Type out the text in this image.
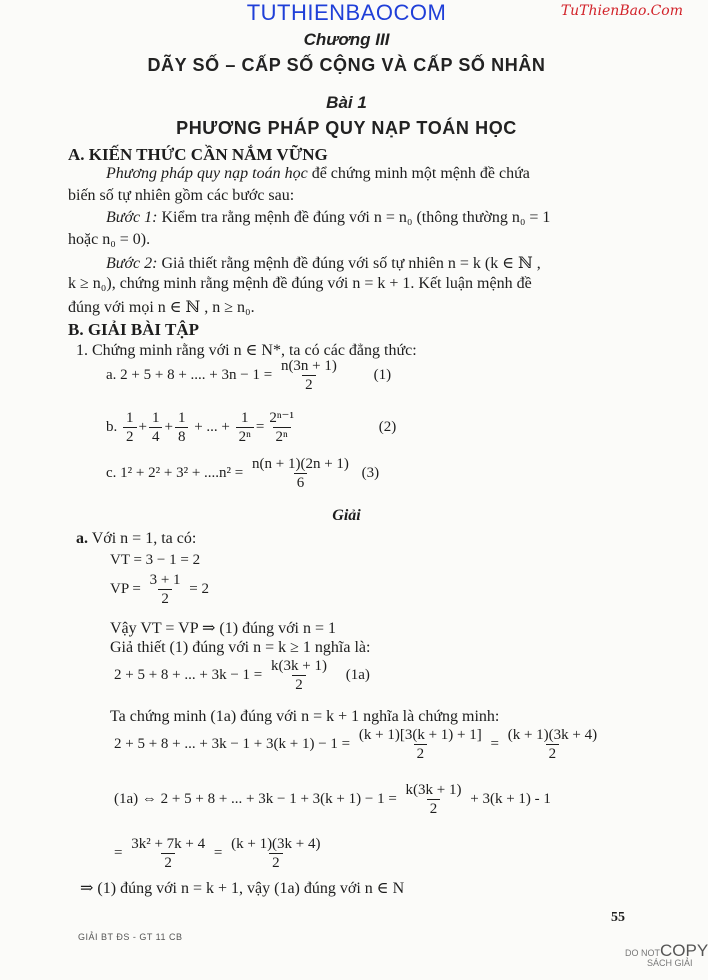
TUTHIENBAOCOM	TuThienBao.Com
Chương III
DÃY SỐ – CẤP SỐ CỘNG VÀ CẤP SỐ NHÂN
Bài 1
PHƯƠNG PHÁP QUY NẠP TOÁN HỌC
A. KIẾN THỨC CẦN NẮM VỮNG
Phương pháp quy nạp toán học để chứng minh một mệnh đề chứa
biến số tự nhiên gồm các bước sau:
Bước 1: Kiểm tra rằng mệnh đề đúng với n = n₀ (thông thường n₀ = 1
hoặc n₀ = 0).
Bước 2: Giả thiết rằng mệnh đề đúng với số tự nhiên n = k (k ∈ ℕ ,
k ≥ n₀), chứng minh rằng mệnh đề đúng với n = k + 1. Kết luận mệnh đề
đúng với mọi n ∈ ℕ , n ≥ n₀.
B. GIẢI BÀI TẬP
1. Chứng minh rằng với n ∈ N*, ta có các đẳng thức:
a. 2 + 5 + 8 + .... + $3n - 1 = \frac{n(3n + 1)}{2} (1)$
b. $\frac{1}{2} + \frac{1}{4} + \frac{1}{8}$ + ... + $\frac{1}{\text{2ⁿ}} = \frac{\text{2ⁿ⁻¹}}{\text{2ⁿ}}$	(2)
c. $1^2 + 2^2 + 3^2 + ....n^2 = \frac{n(n + 1)(2n + 1)}{6} (3)$
Giải
a. Với n = 1, ta có:
VT = 3 − 1 = 2
VP = $\frac{3 + 1}{2} = 2$
Vậy VT = VP ⇒ (1) đúng với n = 1
Giả thiết (1) đúng với n = k ≥ 1 nghĩa là:
2 + 5 + 8 + ... + $3k - 1 = \frac{k(3k + 1)}{2} (1a)$
Ta chứng minh (1a) đúng với n = k + 1 nghĩa là chứng minh:
2 + 5 + 8 + ... + $3k - 1 + 3(k + 1) - 1 = \frac{(k + 1)[3(k + 1) + 1]}{2} = \frac{(k + 1)(3k + 4)}{2}$
(1a) ⇔ 2 + 5 + 8 + ... + $3k - 1 + 3(k + 1) - 1 = \frac{k(3k + 1)}{2} + 3(k + 1) - 1$
= $\frac{\text{3k² + 7k + 4}}{2} = \frac{(k + 1)(3k + 4)}{2}$
⇒ (1) đúng với n = k + 1, vậy (1a) đúng với n ∈ N
55
GIẢI BT ĐS - GT 11 CB
DO NOTCOPY
SÁCH GIẢI
